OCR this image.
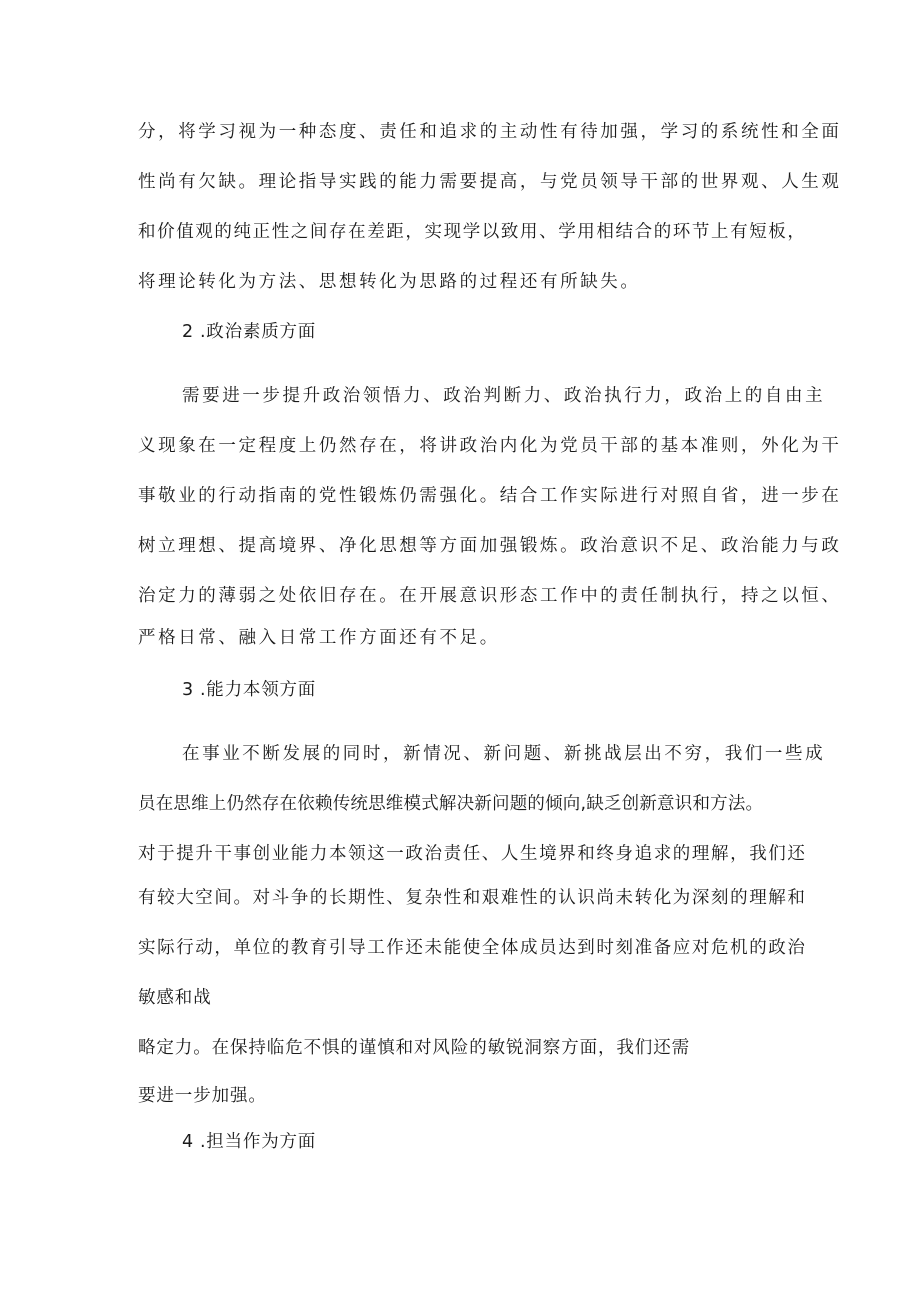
分，将学习视为一种态度、责任和追求的主动性有待加强，学习的系统性和全面
性尚有欠缺。理论指导实践的能力需要提高，与党员领导干部的世界观、人生观
和价值观的纯正性之间存在差距，实现学以致用、学用相结合的环节上有短板，
将理论转化为方法、思想转化为思路的过程还有所缺失。
2 .政治素质方面
需要进一步提升政治领悟力、政治判断力、政治执行力，政治上的自由主
义现象在一定程度上仍然存在，将讲政治内化为党员干部的基本准则，外化为干
事敬业的行动指南的党性锻炼仍需强化。结合工作实际进行对照自省，进一步在
树立理想、提高境界、净化思想等方面加强锻炼。政治意识不足、政治能力与政
治定力的薄弱之处依旧存在。在开展意识形态工作中的责任制执行，持之以恒、
严格日常、融入日常工作方面还有不足。
3 .能力本领方面
在事业不断发展的同时，新情况、新问题、新挑战层出不穷，我们一些成
员在思维上仍然存在依赖传统思维模式解决新问题的倾向,缺乏创新意识和方法。
对于提升干事创业能力本领这一政治责任、人生境界和终身追求的理解，我们还
有较大空间。对斗争的长期性、复杂性和艰难性的认识尚未转化为深刻的理解和
实际行动，单位的教育引导工作还未能使全体成员达到时刻准备应对危机的政治
敏感和战
略定力。在保持临危不惧的谨慎和对风险的敏锐洞察方面，我们还需
要进一步加强。
4 .担当作为方面
